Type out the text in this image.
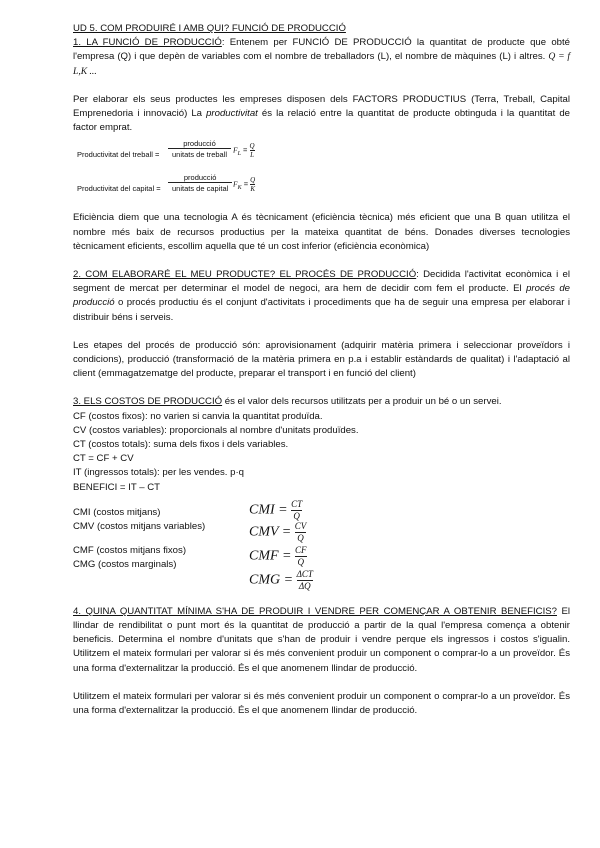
UD 5. COM PRODUIRÉ I AMB QUI? FUNCIÓ DE PRODUCCIÓ

1. LA FUNCIÓ DE PRODUCCIÓ: Entenem per FUNCIÓ DE PRODUCCIÓ la quantitat de producte que obté l'empresa (Q) i que depèn de variables com el nombre de treballadors (L), el nombre de màquines (L) i altres. Q = f L,K ...

Per elaborar els seus productes les empreses disposen dels FACTORS PRODUCTIUS (Terra, Treball, Capital Emprenedoria i innovació) La productivitat és la relació entre la quantitat de producte obtinguda i la quantitat de factor emprat.

Productivitat del treball =
producció
unitats de treball
$F_L = \frac{Q}{L}$
Productivitat del capital =
producció
unitats de capital
$F_K = \frac{Q}{K}$

Eficiència diem que una tecnologia A és tècnicament (eficiència tècnica) més eficient que una B quan utilitza el nombre més baix de recursos productius per la mateixa quantitat de béns. Donades diverses tecnologies tècnicament eficients, escollim aquella que té un cost inferior (eficiència econòmica)

2. COM ELABORARÉ EL MEU PRODUCTE? EL PROCÉS DE PRODUCCIÓ: Decidida l'activitat econòmica i el segment de mercat per determinar el model de negoci, ara hem de decidir com fem el producte. El procés de producció o procés productiu és el conjunt d'activitats i procediments que ha de seguir una empresa per elaborar i distribuir béns i serveis.

Les etapes del procés de producció són: aprovisionament (adquirir matèria primera i seleccionar proveïdors i condicions), producció (transformació de la matèria primera en p.a i establir estàndards de qualitat) i l'adaptació al client (emmagatzematge del producte, preparar el transport i en funció del client)

3. ELS COSTOS DE PRODUCCIÓ és el valor dels recursos utilitzats per a produir un bé o un servei.

CF (costos fixos): no varien si canvia la quantitat produïda.

CV (costos variables): proporcionals al nombre d'unitats produïdes.

CT (costos totals): suma dels fixos i dels variables.

CT = CF + CV

IT (ingressos totals): per les vendes. p·q

BENEFICI = IT – CT

CMI (costos mitjans)
CMV (costos mitjans variables)
CMF (costos mitjans fixos)
CMG (costos marginals)
CMI = $\frac{CT}{Q}$
CMV = $\frac{CV}{Q}$
CMF = $\frac{CF}{Q}$
CMG = ΔCT
ΔQ

4. QUINA QUANTITAT MÍNIMA S'HA DE PRODUIR I VENDRE PER COMENÇAR A OBTENIR BENEFICIS? El llindar de rendibilitat o punt mort és la quantitat de producció a partir de la qual l'empresa comença a obtenir beneficis. Determina el nombre d'unitats que s'han de produir i vendre perque els ingressos i costos s'igualin. Utilitzem el mateix formulari per valorar si és més convenient produir un component o comprar-lo a un proveïdor. És una forma d'externalitzar la producció. És el que anomenem llindar de producció.

Utilitzem el mateix formulari per valorar si és més convenient produir un component o comprar-lo a un proveïdor. És una forma d'externalitzar la producció. És el que anomenem llindar de producció.
